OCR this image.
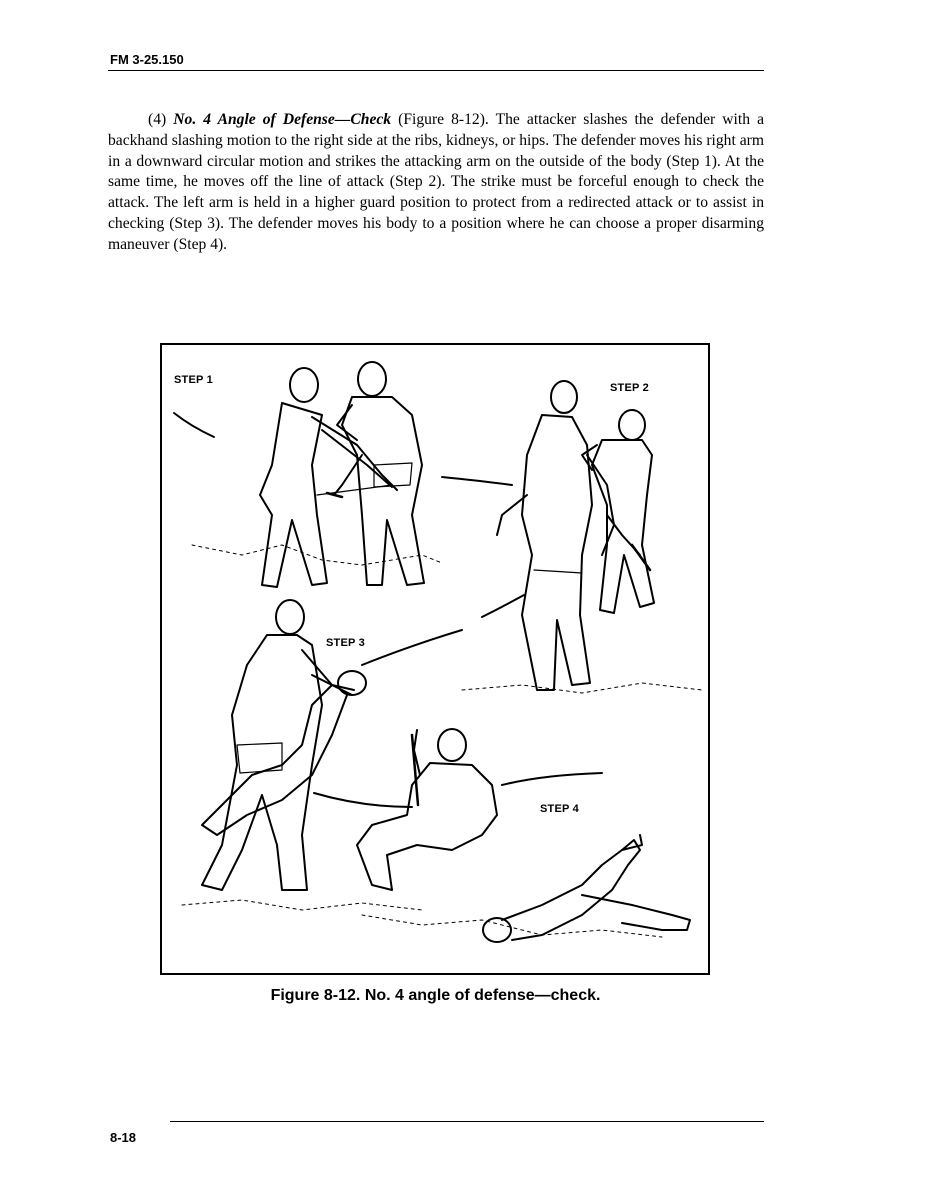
FM 3-25.150

(4) No. 4 Angle of Defense—Check (Figure 8-12). The attacker slashes the defender with a backhand slashing motion to the right side at the ribs, kidneys, or hips. The defender moves his right arm in a downward circular motion and strikes the attacking arm on the outside of the body (Step 1). At the same time, he moves off the line of attack (Step 2). The strike must be forceful enough to check the attack. The left arm is held in a higher guard position to protect from a redirected attack or to assist in checking (Step 3). The defender moves his body to a position where he can choose a proper disarming maneuver (Step 4).

STEP 1
STEP 2
STEP 3
STEP 4
Figure 8-12. No. 4 angle of defense—check.
8-18
